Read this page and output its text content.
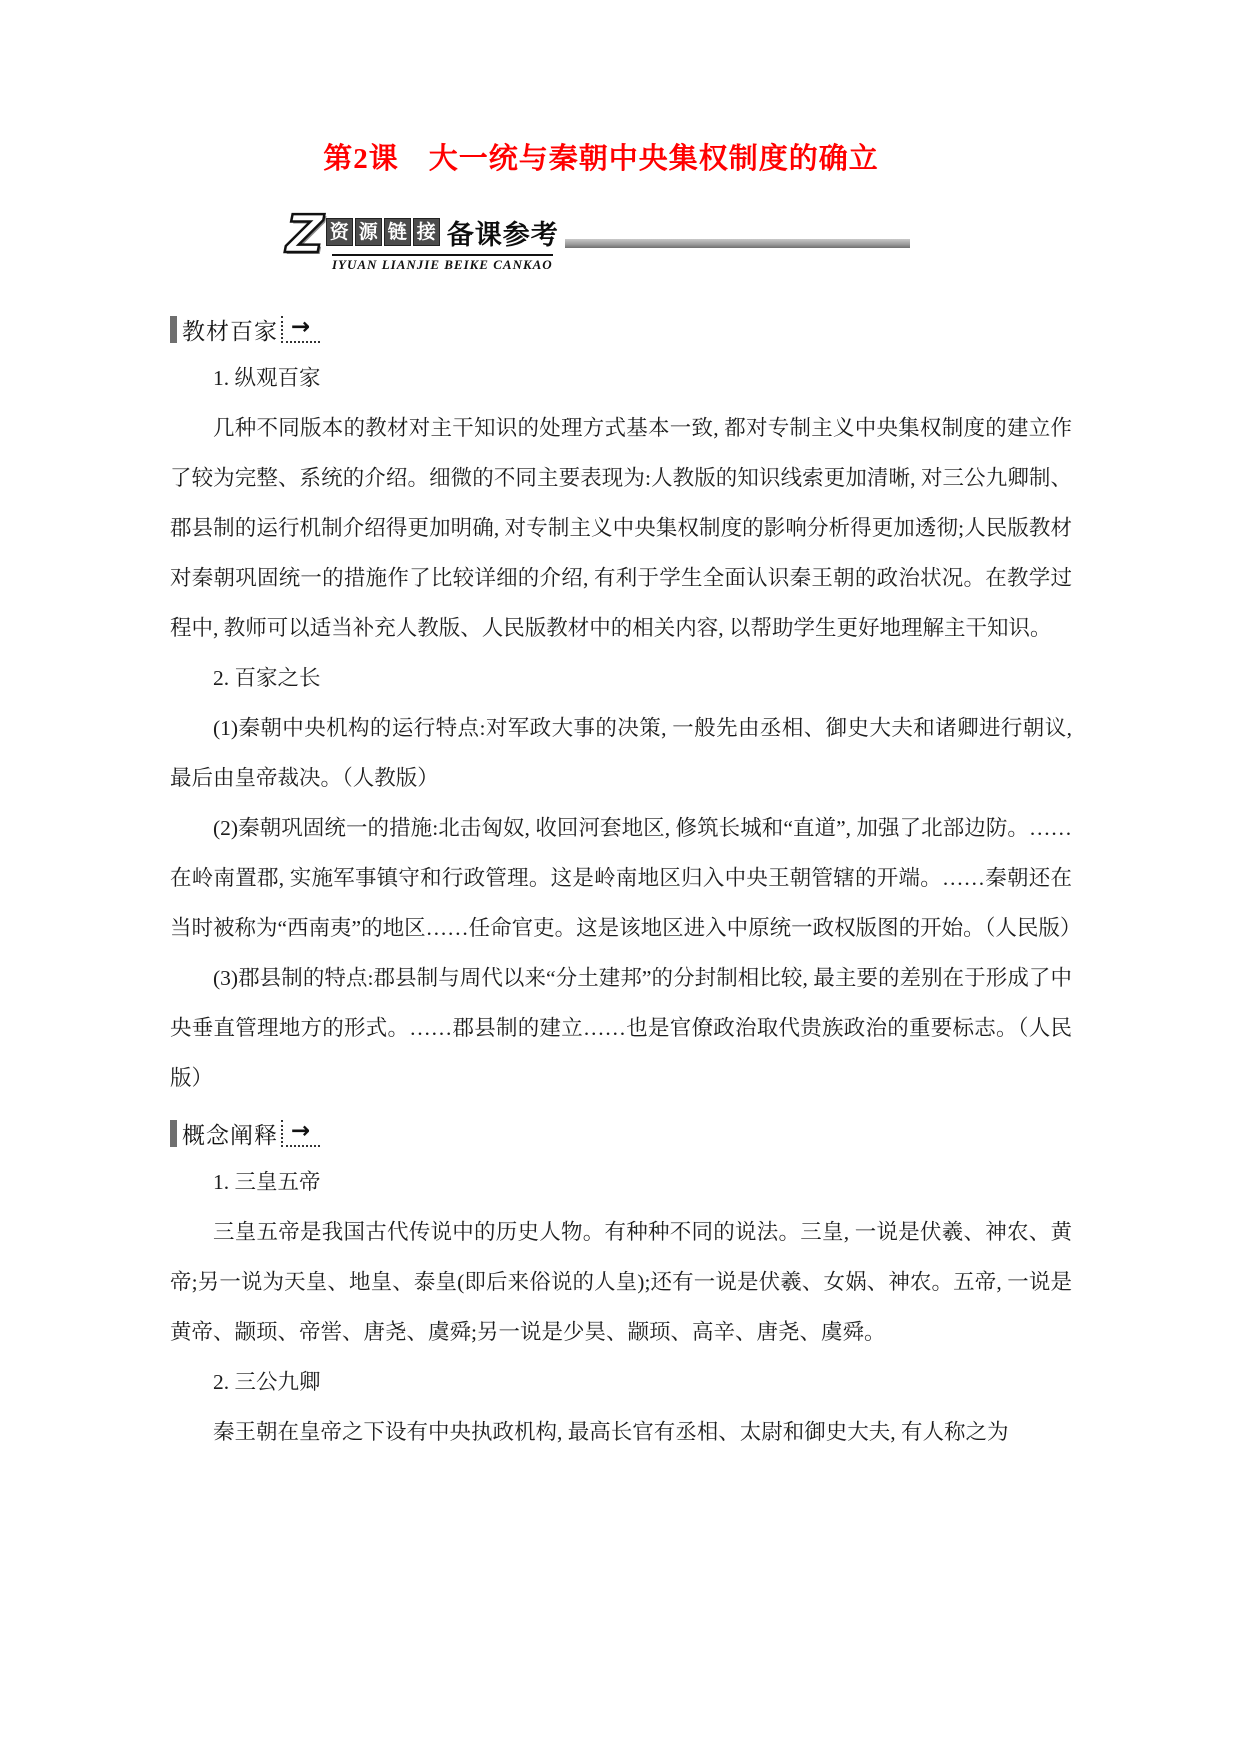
第2课　大一统与秦朝中央集权制度的确立
Z 资 源 链 接 备课参考
IYUAN LIANJIE BEIKE CANKAO
教材百家 →

1. 纵观百家

几种不同版本的教材对主干知识的处理方式基本一致, 都对专制主义中央集权制度的建立作了较为完整、系统的介绍。细微的不同主要表现为:人教版的知识线索更加清晰, 对三公九卿制、郡县制的运行机制介绍得更加明确, 对专制主义中央集权制度的影响分析得更加透彻;人民版教材对秦朝巩固统一的措施作了比较详细的介绍, 有利于学生全面认识秦王朝的政治状况。在教学过程中, 教师可以适当补充人教版、人民版教材中的相关内容, 以帮助学生更好地理解主干知识。

2. 百家之长

(1)秦朝中央机构的运行特点:对军政大事的决策, 一般先由丞相、御史大夫和诸卿进行朝议, 最后由皇帝裁决。（人教版）

(2)秦朝巩固统一的措施:北击匈奴, 收回河套地区, 修筑长城和“直道”, 加强了北部边防。……在岭南置郡, 实施军事镇守和行政管理。这是岭南地区归入中央王朝管辖的开端。……秦朝还在当时被称为“西南夷”的地区……任命官吏。这是该地区进入中原统一政权版图的开始。（人民版）

(3)郡县制的特点:郡县制与周代以来“分土建邦”的分封制相比较, 最主要的差别在于形成了中央垂直管理地方的形式。……郡县制的建立……也是官僚政治取代贵族政治的重要标志。（人民版）

概念阐释 →

1. 三皇五帝

三皇五帝是我国古代传说中的历史人物。有种种不同的说法。三皇, 一说是伏羲、神农、黄帝;另一说为天皇、地皇、泰皇(即后来俗说的人皇);还有一说是伏羲、女娲、神农。五帝, 一说是黄帝、颛顼、帝喾、唐尧、虞舜;另一说是少昊、颛顼、高辛、唐尧、虞舜。

2. 三公九卿

秦王朝在皇帝之下设有中央执政机构, 最高长官有丞相、太尉和御史大夫, 有人称之为
